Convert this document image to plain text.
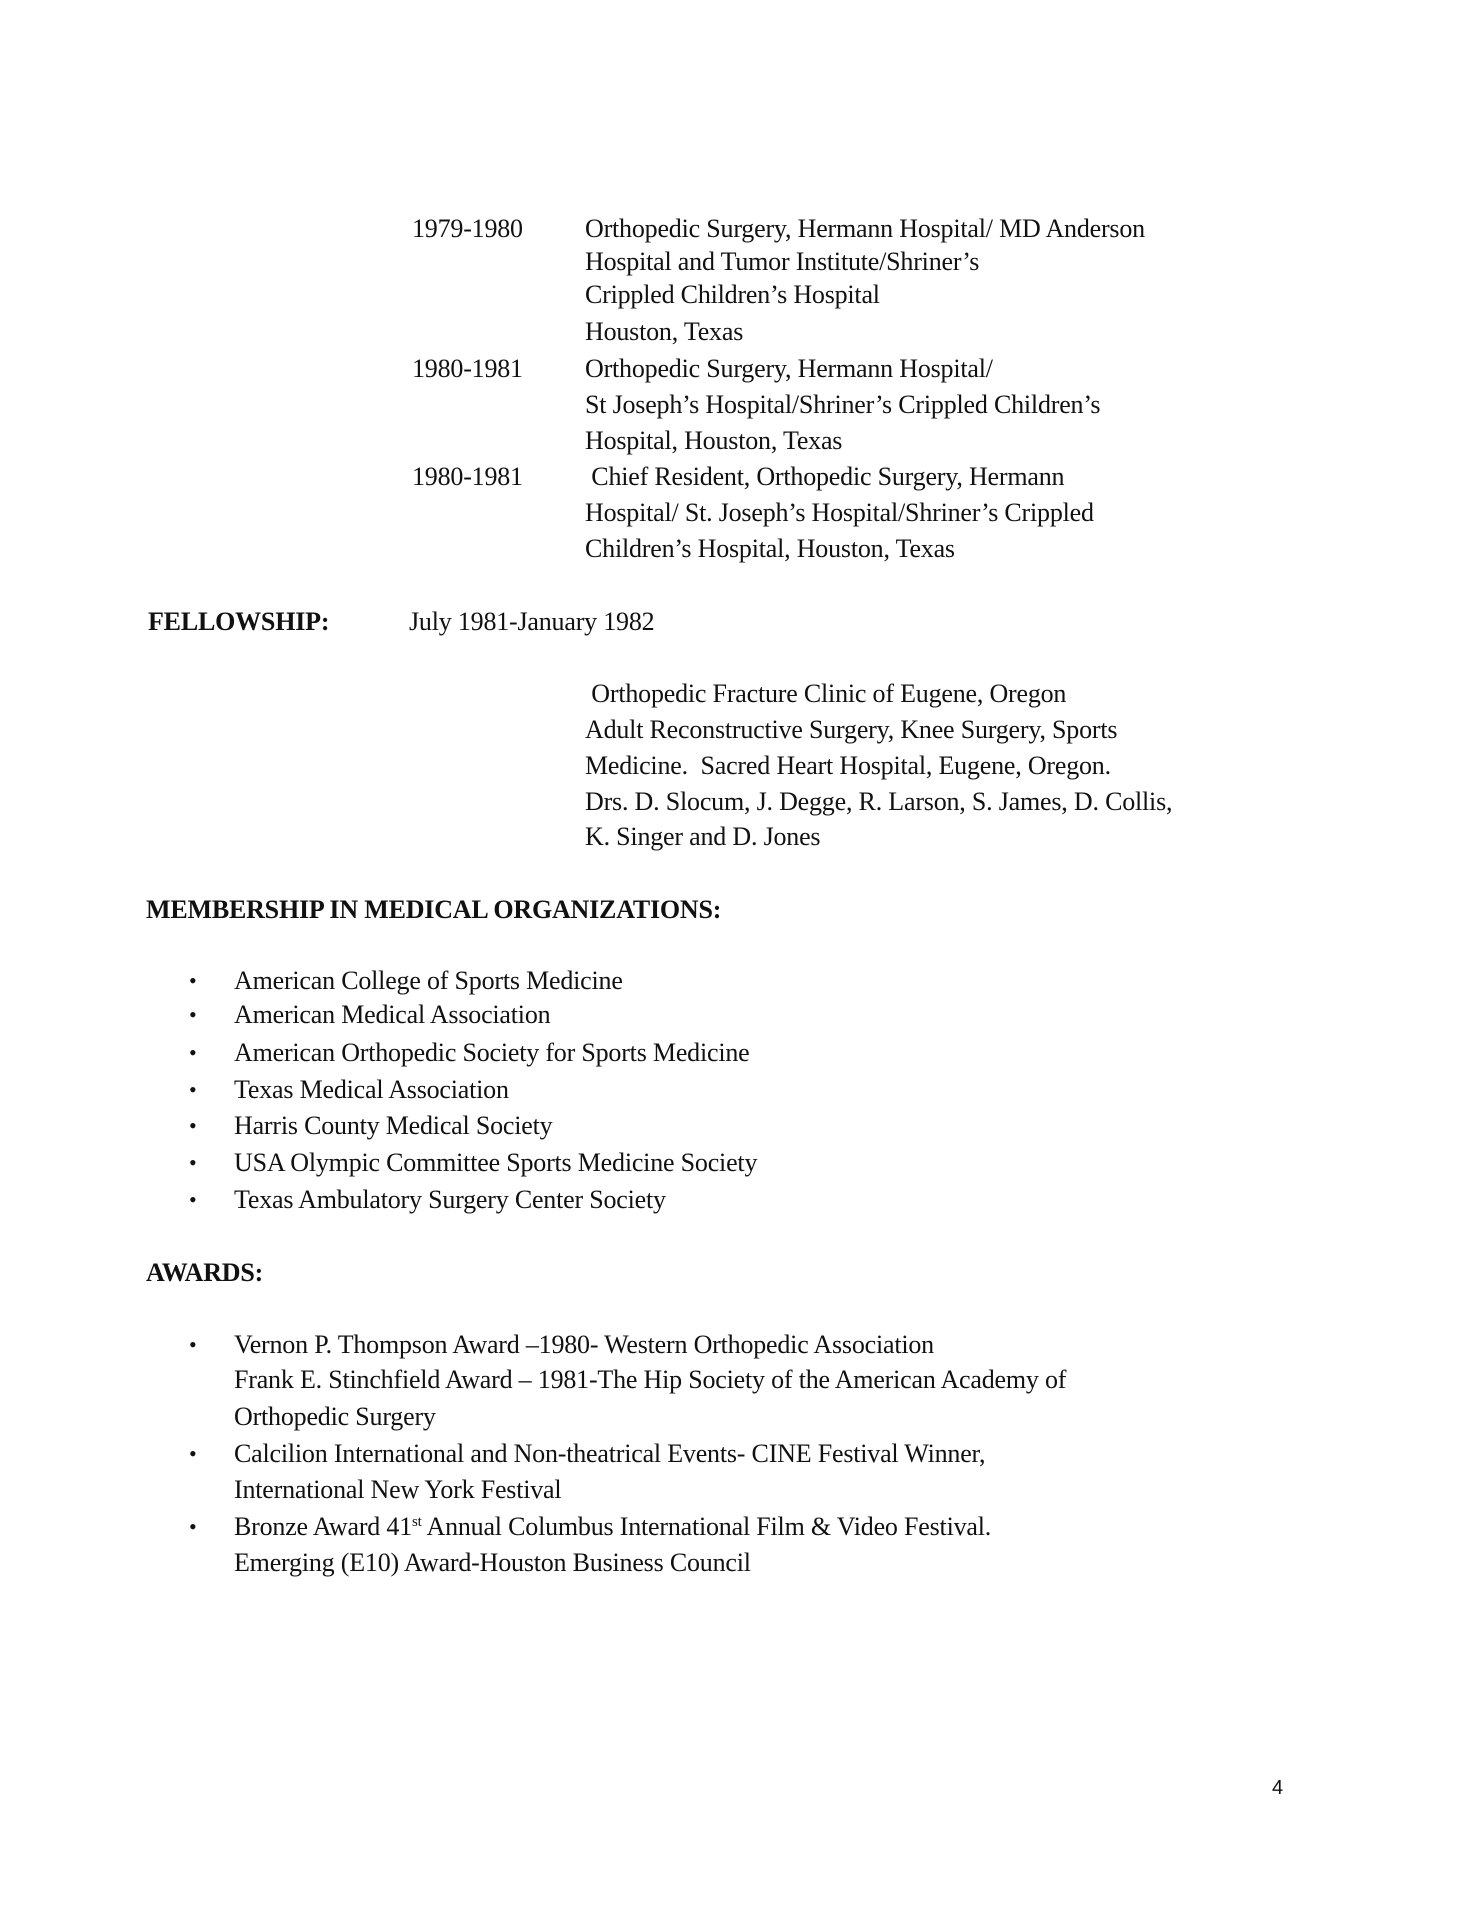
1979-1980 Orthopedic Surgery, Hermann Hospital/ MD Anderson
Hospital and Tumor Institute/Shriner’s
Crippled Children’s Hospital
Houston, Texas
1980-1981 Orthopedic Surgery, Hermann Hospital/
St Joseph’s Hospital/Shriner’s Crippled Children’s
Hospital, Houston, Texas
1980-1981 Chief Resident, Orthopedic Surgery, Hermann
Hospital/ St. Joseph’s Hospital/Shriner’s Crippled
Children’s Hospital, Houston, Texas
FELLOWSHIP:	July 1981-January 1982
Orthopedic Fracture Clinic of Eugene, Oregon
Adult Reconstructive Surgery, Knee Surgery, Sports
Medicine.  Sacred Heart Hospital, Eugene, Oregon.
Drs. D. Slocum, J. Degge, R. Larson, S. James, D. Collis,
K. Singer and D. Jones
MEMBERSHIP IN MEDICAL ORGANIZATIONS:
• American College of Sports Medicine
• American Medical Association
• American Orthopedic Society for Sports Medicine
• Texas Medical Association
• Harris County Medical Society
• USA Olympic Committee Sports Medicine Society
• Texas Ambulatory Surgery Center Society
AWARDS:
• Vernon P. Thompson Award –1980- Western Orthopedic Association
Frank E. Stinchfield Award – 1981-The Hip Society of the American Academy of
Orthopedic Surgery
• Calcilion International and Non-theatrical Events- CINE Festival Winner,
International New York Festival
• Bronze Award 41st Annual Columbus International Film & Video Festival.
Emerging (E10) Award-Houston Business Council
4
